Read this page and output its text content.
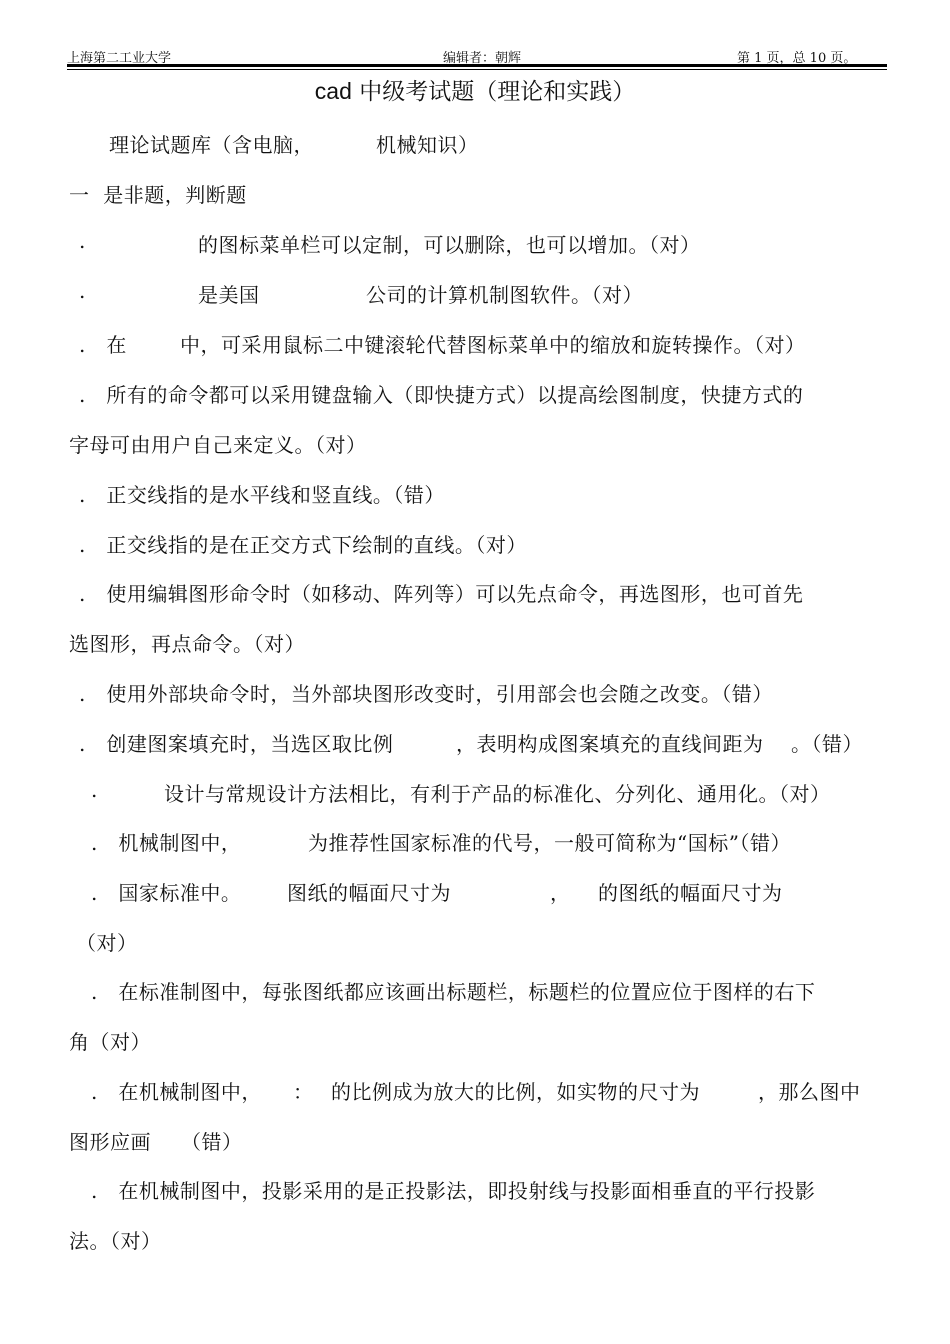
上海第二工业大学	编辑者：朝辉	第 1 页，总 10 页。
cad 中级考试题（理论和实践）
理论试题库（含电脑，	机械知识）
一  是非题，判断题
.	的图标菜单栏可以定制，可以删除，也可以增加。（对）
.	是美国	公司的计算机制图软件。（对）
.   在	中，可采用鼠标二中键滚轮代替图标菜单中的缩放和旋转操作。（对）
.   所有的命令都可以采用键盘输入（即快捷方式）以提高绘图制度，快捷方式的
字母可由用户自己来定义。（对）
.   正交线指的是水平线和竖直线。（错）
.   正交线指的是在正交方式下绘制的直线。（对）
.   使用编辑图形命令时（如移动、阵列等）可以先点命令，再选图形，也可首先
选图形，再点命令。（对）
.   使用外部块命令时，当外部块图形改变时，引用部会也会随之改变。（错）
.   创建图案填充时，当选区取比例	，表明构成图案填充的直线间距为 。（错）
.	设计与常规设计方法相比，有利于产品的标准化、分列化、通用化。（对）
.   机械制图中，	为推荐性国家标准的代号，一般可简称为“国标”（错）
.   国家标准中。 图纸的幅面尺寸为	， 的图纸的幅面尺寸为
（对）
.   在标准制图中，每张图纸都应该画出标题栏，标题栏的位置应位于图样的右下
角（对）
.   在机械制图中， ： 的比例成为放大的比例，如实物的尺寸为	，那么图中
图形应画 （错）
.   在机械制图中，投影采用的是正投影法，即投射线与投影面相垂直的平行投影
法。（对）
